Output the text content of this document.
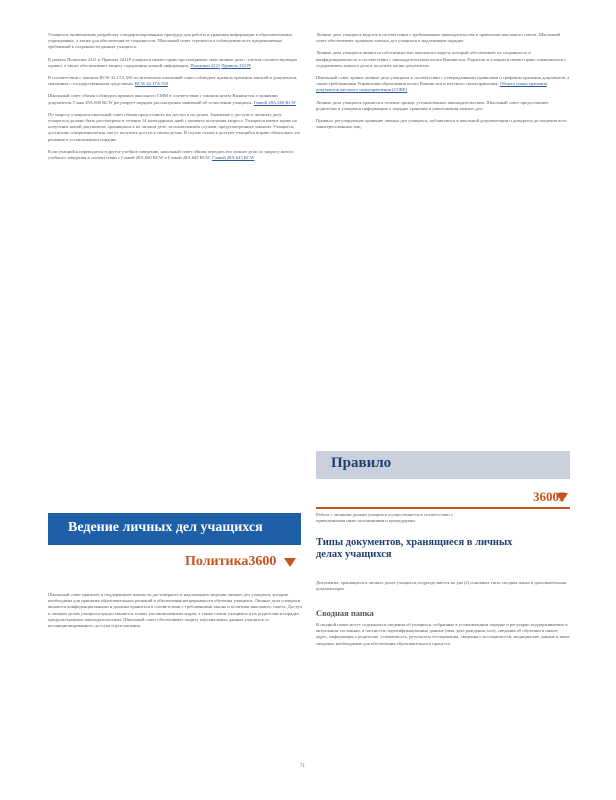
Учащихся, включающих разработку стандартизированных процедур для работы и хранения информации в образовательных учреждениях, а также для обеспечения ее сохранности. Школьный совет стремится к соблюдению всех предъявляемых требований к сохранности данных учащихся.

В рамках Политики 2221 и Правила 3221P учащиеся имеют право просматривать свои личные дела с учетом соответствующих правил, а также обеспечивают защиту содержания личной информации. Политики 2221 Правила 3221P

В соответствии с законом RCW 42.17A.550 политических школьный совет соблюдает правила хранения записей и документов, связанных с государственными средствами. RCW 42.17A.550

Школьный совет обязан соблюдать правила школьного CMM в соответствии с законом штата Вашингтон о хранении документов. Глава 28A.600 RCW регулирует порядок рассмотрения заявлений об отчислении учащихся. Главой 28A.600 RCW

По запросу учащихся школьный совет обязан предоставить им доступ к их делам. Заявление о доступе к личному делу учащегося должно быть рассмотрено в течение 14 календарных дней с момента получения запроса. Учащиеся имеют право на получение копий документов, хранящихся в их личном деле, за исключением случаев, предусмотренных законом. Учащиеся, достигшие совершеннолетия, могут получить доступ к своим делам. В случае отказа в доступе учащийся вправе обжаловать это решение в установленном порядке.

Если учащийся переводится в другое учебное заведение, школьный совет обязан передать его личное дело по запросу нового учебного заведения в соответствии с Главой 28A.600 RCW и Главой 28A.645 RCW. Главой 28A.645 RCW

Ведение личных дел учащихся
Политика3600

Школьный совет признает и поддерживает важность достоверного и надлежащего ведения личных дел учащихся, которые необходимы для принятия образовательных решений и обеспечения непрерывности обучения учащихся. Личные дела учащихся являются конфиденциальными и должны храниться в соответствии с требованиями закона и политики школьного совета. Доступ к личным делам учащихся предоставляется только уполномоченным лицам, а также самим учащимся и их родителям в порядке, предусмотренном законодательством. Школьный совет обеспечивает защиту персональных данных учащихся от несанкционированного доступа и разглашения.

Личные дела учащихся ведутся в соответствии с требованиями законодательства и правилами школьного совета. Школьный совет обеспечивает хранение личных дел учащихся в надлежащем порядке.

Личные дела учащихся являются собственностью школьного округа, который обеспечивает их сохранность и конфиденциальность в соответствии с законодательством штата Вашингтон. Родители и учащиеся имеют право ознакомиться с содержанием личного дела и получить копии документов.

Школьный совет хранит личные дела учащихся в соответствии с утвержденными правилами и графиком хранения документов, а также требованиями Управления образования штата Вашингтон и местного самоуправления. Общего плана хранения документов местного самоуправления (CORE)

Личные дела учащихся хранятся в течение сроков, установленных законодательством. Школьный совет предоставляет родителям и учащимся информацию о порядке хранения и уничтожения личных дел.

Правила, регулирующие хранение личных дел учащихся, публикуются в школьной документации и доводятся до сведения всех заинтересованных лиц.

Правило
3600P

Работа с личными делами учащихся осуществляется в соответствии с приведенными ниже положениями и процедурами.

Типы документов, хранящиеся в личных делах учащихся

Документы, хранящиеся в личных делах учащихся, подразделяются на два (2) основных типа: сводная папка и дополнительная документация.

Сводная папка

В сводной папке могут содержаться сведения об учащихся, собранные в установленном порядке и регулярно поддерживаемые в актуальном состоянии, в частности: идентификационные данные (имя, дата рождения, пол), сведения об обучении в школе, адрес, информация о родителях, успеваемость, результаты тестирования, сведения о посещаемости, медицинские данные и иные сведения, необходимые для обеспечения образовательного процесса.

71
